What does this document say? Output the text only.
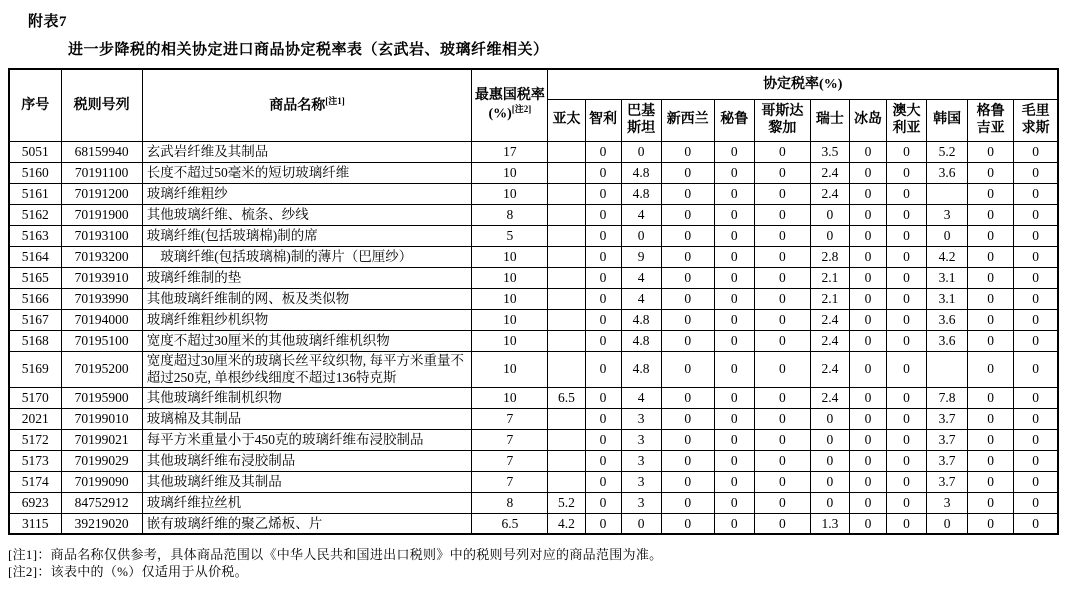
附表7
进一步降税的相关协定进口商品协定税率表（玄武岩、玻璃纤维相关）
序号	税则号列	商品名称[注1]	最惠国税率(%)[注2]	协定税率(%)											
				亚太	智利	巴基斯坦	新西兰	秘鲁	哥斯达黎加	瑞士	冰岛	澳大利亚	韩国	格鲁吉亚	毛里求斯
5051	68159940	玄武岩纤维及其制品	17		0	0	0	0	0	3.5	0	0	5.2	0	0
5160	70191100	长度不超过50毫米的短切玻璃纤维	10		0	4.8	0	0	0	2.4	0	0	3.6	0	0
5161	70191200	玻璃纤维粗纱	10		0	4.8	0	0	0	2.4	0	0		0	0
5162	70191900	其他玻璃纤维、梳条、纱线	8		0	4	0	0	0	0	0	0	3	0	0
5163	70193100	玻璃纤维(包括玻璃棉)制的席	5		0	0	0	0	0	0	0	0	0	0	0
5164	70193200	　玻璃纤维(包括玻璃棉)制的薄片（巴厘纱）	10		0	9	0	0	0	2.8	0	0	4.2	0	0
5165	70193910	玻璃纤维制的垫	10		0	4	0	0	0	2.1	0	0	3.1	0	0
5166	70193990	其他玻璃纤维制的网、板及类似物	10		0	4	0	0	0	2.1	0	0	3.1	0	0
5167	70194000	玻璃纤维粗纱机织物	10		0	4.8	0	0	0	2.4	0	0	3.6	0	0
5168	70195100	宽度不超过30厘米的其他玻璃纤维机织物	10		0	4.8	0	0	0	2.4	0	0	3.6	0	0
5169	70195200	宽度超过30厘米的玻璃长丝平纹织物, 每平方米重量不超过250克, 单根纱线细度不超过136特克斯	10		0	4.8	0	0	0	2.4	0	0		0	0
5170	70195900	其他玻璃纤维制机织物	10	6.5	0	4	0	0	0	2.4	0	0	7.8	0	0
2021	70199010	玻璃棉及其制品	7		0	3	0	0	0	0	0	0	3.7	0	0
5172	70199021	每平方米重量小于450克的玻璃纤维布浸胶制品	7		0	3	0	0	0	0	0	0	3.7	0	0
5173	70199029	其他玻璃纤维布浸胶制品	7		0	3	0	0	0	0	0	0	3.7	0	0
5174	70199090	其他玻璃纤维及其制品	7		0	3	0	0	0	0	0	0	3.7	0	0
6923	84752912	玻璃纤维拉丝机	8	5.2	0	3	0	0	0	0	0	0	3	0	0
3115	39219020	嵌有玻璃纤维的聚乙烯板、片	6.5	4.2	0	0	0	0	0	1.3	0	0	0	0	0
[注1]：商品名称仅供参考，具体商品范围以《中华人民共和国进出口税则》中的税则号列对应的商品范围为准。
[注2]：该表中的（%）仅适用于从价税。
